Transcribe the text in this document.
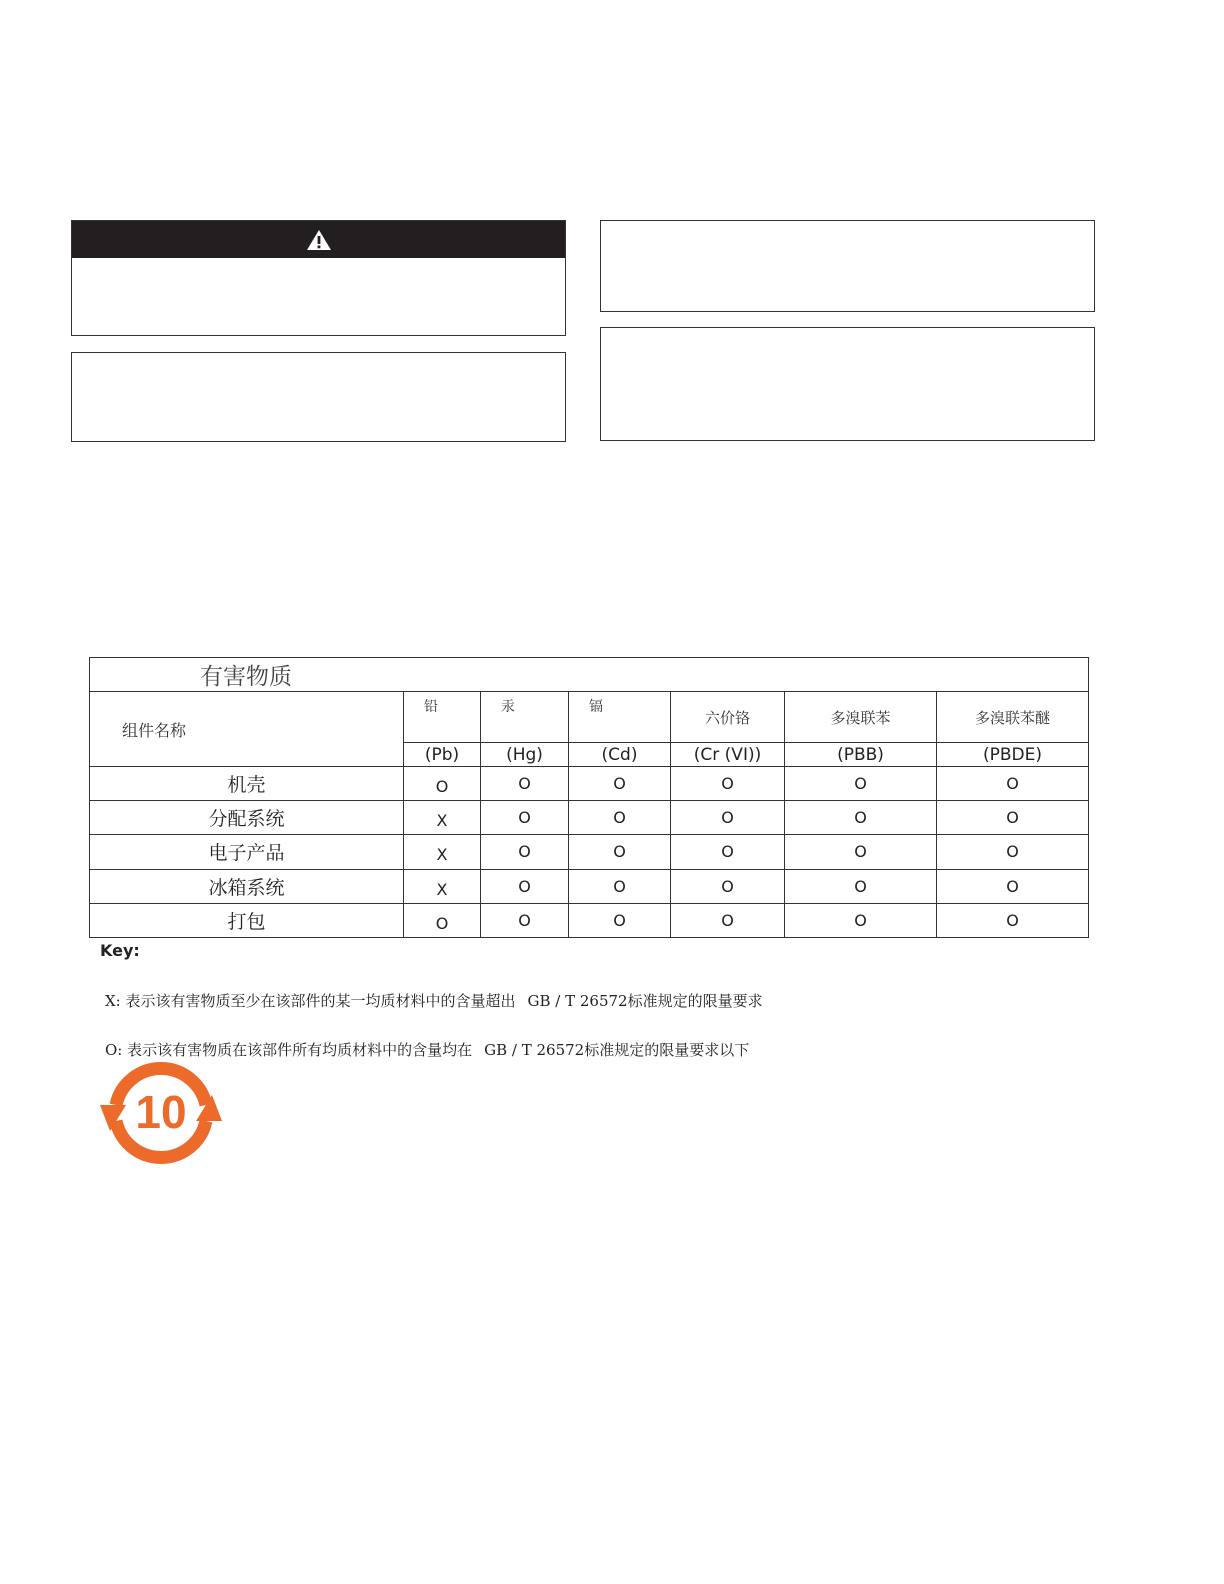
有害物质						
组件名称	铅	汞	镉	六价铬	多溴联苯	多溴联苯醚
	(Pb)	(Hg)	(Cd)	(Cr (VI))	(PBB)	(PBDE)
机壳	O	O	O	O	O	O
分配系统	X	O	O	O	O	O
电子产品	X	O	O	O	O	O
冰箱系统	X	O	O	O	O	O
打包	O	O	O	O	O	O
Key:
X: 表示该有害物质至少在该部件的某一均质材料中的含量超出 GB / T 26572标准规定的限量要求
O: 表示该有害物质在该部件所有均质材料中的含量均在 GB / T 26572标准规定的限量要求以下
10
